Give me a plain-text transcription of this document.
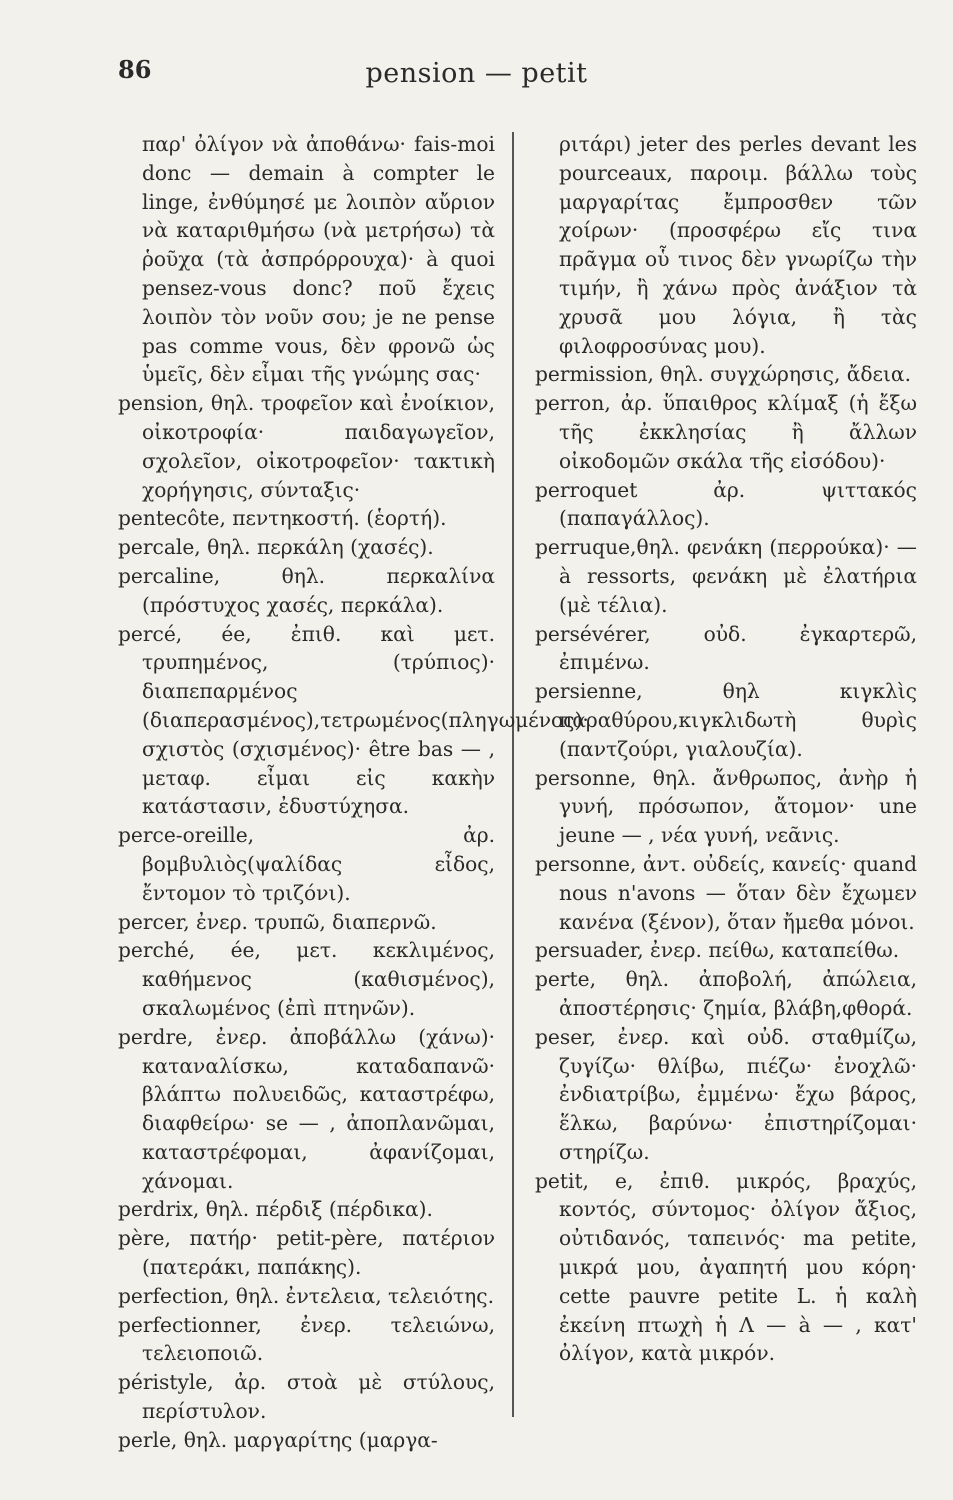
86	pension — petit

παρ' ὀλίγον νὰ ἀποθάνω· fais-moi donc — demain à compter le linge, ἐνθύμησέ με λοιπὸν αὔριον νὰ καταριθμήσω (νὰ μετρήσω) τὰ ῥοῦχα (τὰ ἀσπρόρρουχα)· à quoi pensez-vous donc? ποῦ ἔχεις λοιπὸν τὸν νοῦν σου; je ne pense pas comme vous, δὲν φρονῶ ὡς ὑμεῖς, δὲν εἶμαι τῆς γνώμης σας·

pension, θηλ. τροφεῖον καὶ ἐνοίκιον, οἰκοτροφία· παιδαγωγεῖον, σχολεῖον, οἰκοτροφεῖον· τακτικὴ χορήγησις, σύνταξις·

pentecôte, πεντηκοστή. (ἑορτή).

percale, θηλ. περκάλη (χασές).

percaline, θηλ. περκαλίνα (πρόστυχος χασές, περκάλα).

percé, ée, ἐπιθ. καὶ μετ. τρυπημένος, (τρύπιος)· διαπεπαρμένος (διαπερασμένος),τετρωμένος(πληγωμένος)· σχιστὸς (σχισμένος)· être bas — , μεταφ. εἶμαι εἰς κακὴν κατάστασιν, ἐδυστύχησα.

perce-oreille, ἀρ. βομβυλιὸς(ψαλίδας εἶδος, ἔντομον τὸ τριζόνι).

percer, ἐνερ. τρυπῶ, διαπερνῶ.

perché, ée, μετ. κεκλιμένος, καθήμενος (καθισμένος), σκαλωμένος (ἐπὶ πτηνῶν).

perdre, ἐνερ. ἀποβάλλω (χάνω)· καταναλίσκω, καταδαπανῶ· βλάπτω πολυειδῶς, καταστρέφω, διαφθείρω· se — , ἀποπλανῶμαι, καταστρέφομαι, ἀφανίζομαι, χάνομαι.

perdrix, θηλ. πέρδιξ (πέρδικα).

père, πατήρ· petit-père, πατέριον (πατεράκι, παπάκης).

perfection, θηλ. ἐντελεια, τελειότης.

perfectionner, ἐνερ. τελειώνω, τελειοποιῶ.

péristyle, ἀρ. στοὰ μὲ στύλους, περίστυλον.

perle, θηλ. μαργαρίτης (μαργα-

ριτάρι) jeter des perles devant les pourceaux, παροιμ. βάλλω τοὺς μαργαρίτας ἔμπροσθεν τῶν χοίρων· (προσφέρω εἴς τινα πρᾶγμα οὗ τινος δὲν γνωρίζω τὴν τιμήν, ἢ χάνω πρὸς ἀνάξιον τὰ χρυσᾶ μου λόγια, ἢ τὰς φιλοφροσύνας μου).

permission, θηλ. συγχώρησις, ἄδεια.

perron, ἀρ. ὕπαιθρος κλίμαξ (ἡ ἔξω τῆς ἐκκλησίας ἢ ἄλλων οἰκοδομῶν σκάλα τῆς εἰσόδου)·

perroquet ἀρ. ψιττακός (παπαγάλλος).

perruque,θηλ. φενάκη (περρούκα)· — à ressorts, φενάκη μὲ ἐλατήρια (μὲ τέλια).

persévérer, οὐδ. ἐγκαρτερῶ, ἐπιμένω.

persienne, θηλ κιγκλὶς παραθύρου,κιγκλιδωτὴ θυρὶς (παντζούρι, γιαλουζία).

personne, θηλ. ἄνθρωπος, ἀνὴρ ἡ γυνή, πρόσωπον, ἄτομον· une jeune — , νέα γυνή, νεᾶνις.

personne, ἀντ. οὐδείς, κανείς· quand nous n'avons — ὅταν δὲν ἔχωμεν κανένα (ξένον), ὅταν ἤμεθα μόνοι.

persuader, ἐνερ. πείθω, καταπείθω.

perte, θηλ. ἀποβολή, ἀπώλεια, ἀποστέρησις· ζημία, βλάβη,φθορά.

peser, ἐνερ. καὶ οὐδ. σταθμίζω, ζυγίζω· θλίβω, πιέζω· ἐνοχλῶ· ἐνδιατρίβω, ἐμμένω· ἔχω βάρος, ἕλκω, βαρύνω· ἐπιστηρίζομαι· στηρίζω.

petit, e, ἐπιθ. μικρός, βραχύς, κοντός, σύντομος· ὀλίγον ἄξιος, οὐτιδανός, ταπεινός· ma petite, μικρά μου, ἀγαπητή μου κόρη· cette pauvre petite L. ἡ καλὴ ἐκείνη πτωχὴ ἡ Λ — à — , κατ' ὀλίγον, κατὰ μικρόν.
